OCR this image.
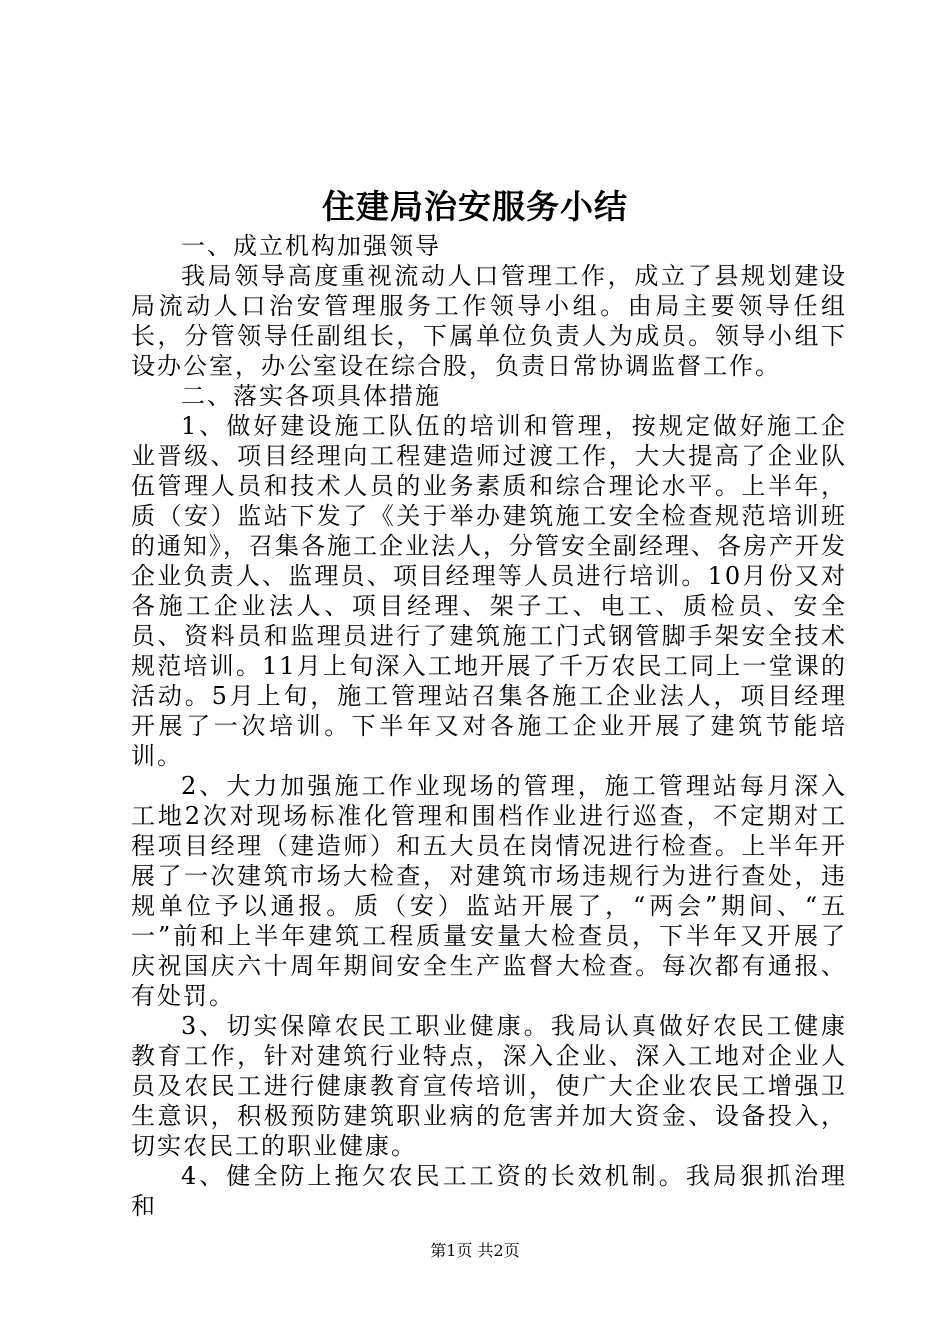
住建局治安服务小结

一、成立机构加强领导

我局领导高度重视流动人口管理工作，成立了县规划建设局流动人口治安管理服务工作领导小组。由局主要领导任组长，分管领导任副组长，下属单位负责人为成员。领导小组下设办公室，办公室设在综合股，负责日常协调监督工作。

二、落实各项具体措施

1、做好建设施工队伍的培训和管理，按规定做好施工企业晋级、项目经理向工程建造师过渡工作，大大提高了企业队伍管理人员和技术人员的业务素质和综合理论水平。上半年，质（安）监站下发了《关于举办建筑施工安全检查规范培训班的通知》，召集各施工企业法人，分管安全副经理、各房产开发企业负责人、监理员、项目经理等人员进行培训。10月份又对各施工企业法人、项目经理、架子工、电工、质检员、安全员、资料员和监理员进行了建筑施工门式钢管脚手架安全技术规范培训。11月上旬深入工地开展了千万农民工同上一堂课的活动。5月上旬，施工管理站召集各施工企业法人，项目经理开展了一次培训。下半年又对各施工企业开展了建筑节能培训。

2、大力加强施工作业现场的管理，施工管理站每月深入工地2次对现场标准化管理和围档作业进行巡查，不定期对工程项目经理（建造师）和五大员在岗情况进行检查。上半年开展了一次建筑市场大检查，对建筑市场违规行为进行查处，违规单位予以通报。质（安）监站开展了，“两会”期间、“五一”前和上半年建筑工程质量安量大检查员，下半年又开展了庆祝国庆六十周年期间安全生产监督大检查。每次都有通报、有处罚。

3、切实保障农民工职业健康。我局认真做好农民工健康教育工作，针对建筑行业特点，深入企业、深入工地对企业人员及农民工进行健康教育宣传培训，使广大企业农民工增强卫生意识，积极预防建筑职业病的危害并加大资金、设备投入，切实农民工的职业健康。

4、健全防上拖欠农民工工资的长效机制。我局狠抓治理和

第1页 共2页
